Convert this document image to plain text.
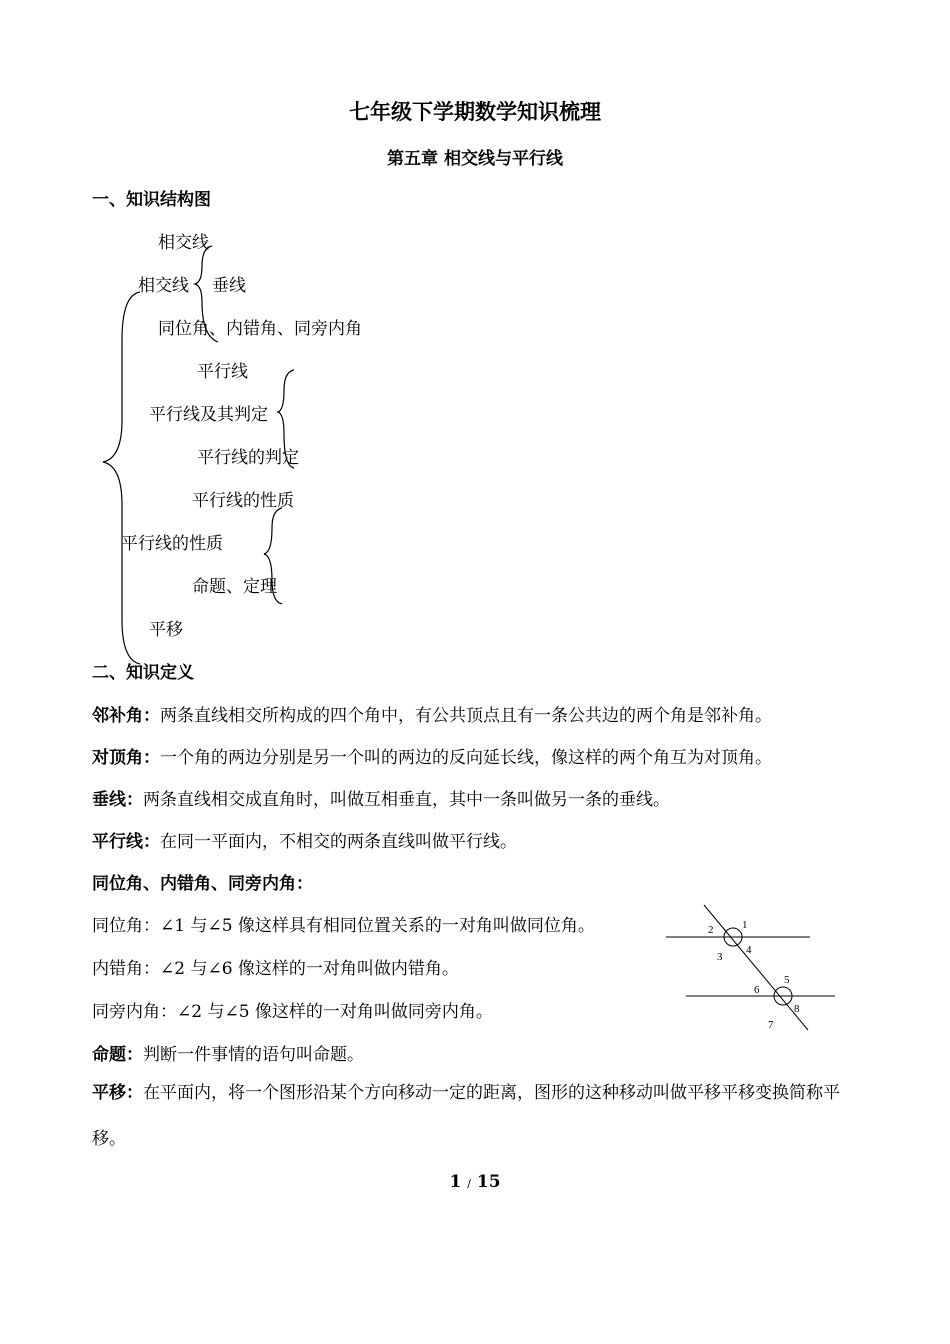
七年级下学期数学知识梳理
第五章 相交线与平行线
一、知识结构图
相交线
相交线 垂线
同位角、内错角、同旁内角
平行线
平行线及其判定
平行线的判定
平行线的性质
平行线的性质
命题、定理
平移
二、知识定义
邻补角：两条直线相交所构成的四个角中，有公共顶点且有一条公共边的两个角是邻补角。
对顶角：一个角的两边分别是另一个叫的两边的反向延长线，像这样的两个角互为对顶角。
垂线：两条直线相交成直角时，叫做互相垂直，其中一条叫做另一条的垂线。
平行线：在同一平面内，不相交的两条直线叫做平行线。
同位角、内错角、同旁内角：
同位角：∠1 与∠5 像这样具有相同位置关系的一对角叫做同位角。
内错角：∠2 与∠6 像这样的一对角叫做内错角。
同旁内角：∠2 与∠5 像这样的一对角叫做同旁内角。
命题：判断一件事情的语句叫命题。
平移：在平面内，将一个图形沿某个方向移动一定的距离，图形的这种移动叫做平移平移变换简称平移。
1
2
3
4
5
6
7
8
1 / 15
